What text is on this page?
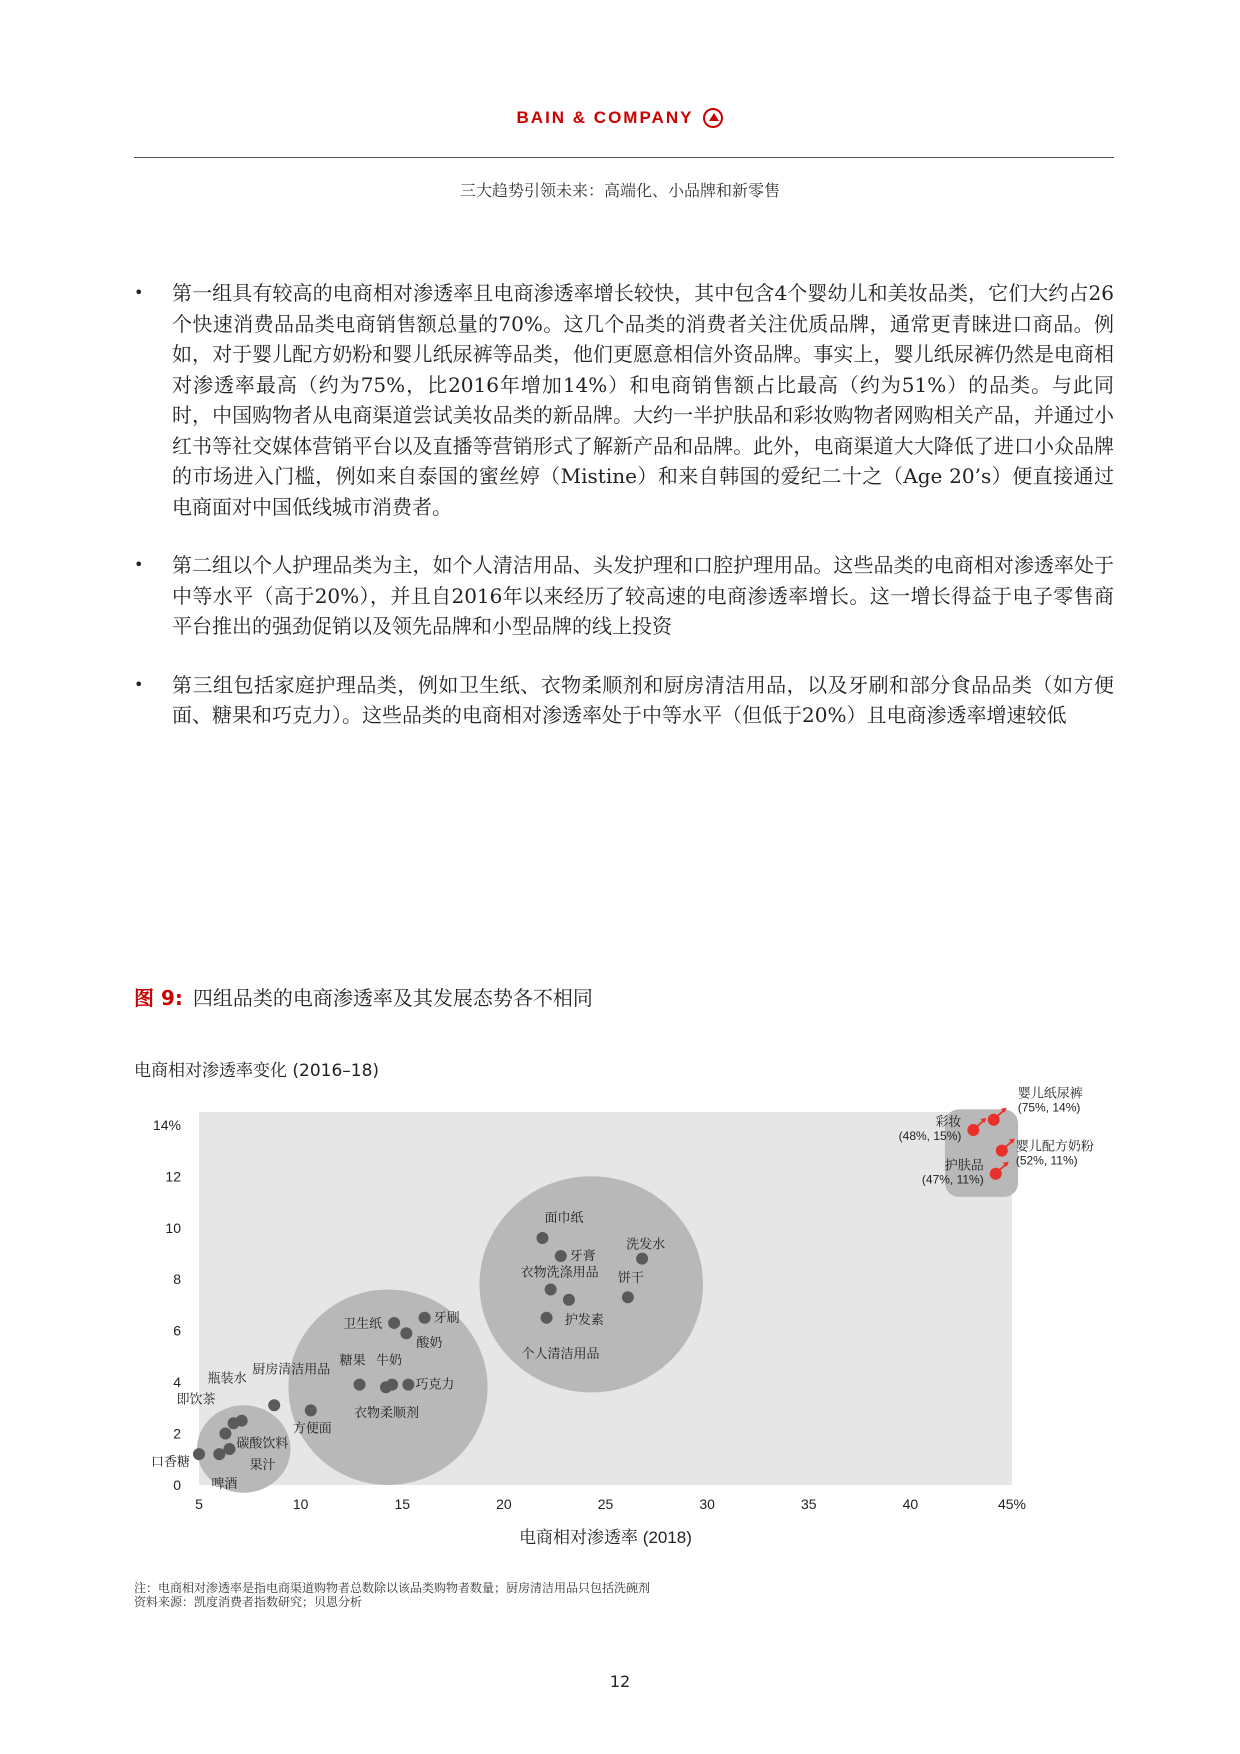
BAIN & COMPANY
三大趋势引领未来：高端化、小品牌和新零售
• 第一组具有较高的电商相对渗透率且电商渗透率增长较快，其中包含4个婴幼儿和美妆品类，它们大约占26个快速消费品品类电商销售额总量的70%。这几个品类的消费者关注优质品牌，通常更青睐进口商品。例如，对于婴儿配方奶粉和婴儿纸尿裤等品类，他们更愿意相信外资品牌。事实上，婴儿纸尿裤仍然是电商相对渗透率最高（约为75%，比2016年增加14%）和电商销售额占比最高（约为51%）的品类。与此同时，中国购物者从电商渠道尝试美妆品类的新品牌。大约一半护肤品和彩妆购物者网购相关产品，并通过小红书等社交媒体营销平台以及直播等营销形式了解新产品和品牌。此外，电商渠道大大降低了进口小众品牌的市场进入门槛，例如来自泰国的蜜丝婷（Mistine）和来自韩国的爱纪二十之（Age 20’s）便直接通过电商面对中国低线城市消费者。
• 第二组以个人护理品类为主，如个人清洁用品、头发护理和口腔护理用品。这些品类的电商相对渗透率处于中等水平（高于20%），并且自2016年以来经历了较高速的电商渗透率增长。这一增长得益于电子零售商平台推出的强劲促销以及领先品牌和小型品牌的线上投资
• 第三组包括家庭护理品类，例如卫生纸、衣物柔顺剂和厨房清洁用品，以及牙刷和部分食品品类（如方便面、糖果和巧克力）。这些品类的电商相对渗透率处于中等水平（但低于20%）且电商渗透率增速较低
图 9: 四组品类的电商渗透率及其发展态势各不相同
电商相对渗透率变化 (2016–18)
0
2
4
6
8
10
12
14%
5	10	15	20	25	30	35	40	45%
电商相对渗透率 (2018)
彩妆
(48%, 15%)
婴儿纸尿裤
(75%, 14%)
婴儿配方奶粉
(52%, 11%)
护肤品
(47%, 11%)
面巾纸
牙膏
洗发水
衣物洗涤用品 饼干
护发素
个人清洁用品
卫生纸	牙刷
酸奶
糖果 牛奶
巧克力
衣物柔顺剂
厨房清洁用品
方便面
瓶装水
即饮茶
碳酸饮料
果汁
啤酒
口香糖
注：电商相对渗透率是指电商渠道购物者总数除以该品类购物者数量；厨房清洁用品只包括洗碗剂
资料来源：凯度消费者指数研究；贝恩分析
12
